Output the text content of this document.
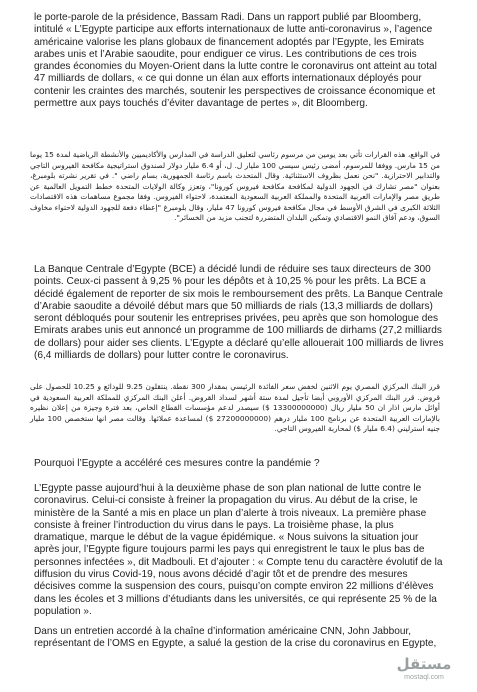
le porte-parole de la présidence, Bassam Radi. Dans un rapport publié par Bloomberg, intitulé « L’Egypte participe aux efforts internationaux de lutte anti-coronavirus », l’agence américaine valorise les plans globaux de financement adoptés par l’Egypte, les Emirats arabes unis et l’Arabie saoudite, pour endiguer ce virus. Les contributions de ces trois grandes économies du Moyen-Orient dans la lutte contre le coronavirus ont atteint au total 47 milliards de dollars, « ce qui donne un élan aux efforts internationaux déployés pour contenir les craintes des marchés, soutenir les perspectives de croissance économique et permettre aux pays touchés d’éviter davantage de pertes », dit Bloomberg.

في الواقع، هذه القرارات تأتي بعد يومين من مرسوم رئاسي لتعليق الدراسة في المدارس والأكاديميين والأنشطة الرياضية لمدة 15 يوما من 15 مارس. ووفقا للمرسوم، أمضى رئيس سيسي 100 مليار ل. ل، أو 6.4 مليار دولار لصندوق استراتيجية مكافحة الفيروس التاجي والتدابير الاحترازية. "نحن نعمل بظروف الاستثنائية. وقال المتحدث باسم رئاسة الجمهورية، بسام راضي ". في تقرير نشرته بلومبرغ، بعنوان "مصر تشارك في الجهود الدولية لمكافحة مكافحة فيروس كورونا"، وتعزز وكالة الولايات المتحدة خطط التمويل العالمية عن طريق مصر والإمارات العربية المتحدة والمملكة العربية السعودية المعتمدة، لاحتواء الفيروس. وفقا مجموع مساهمات هذه الاقتصادات الثلاثة الكبرى في الشرق الأوسط في مجال مكافحة فيروس كورونا 47 مليار، وقال بلومبرغ "إعطاء دفعة للجهود الدولية لاحتواء مخاوف السوق، ودعم آفاق النمو الاقتصادي وتمكين البلدان المتضررة لتجنب مزيد من الخسائر".

La Banque Centrale d’Egypte (BCE) a décidé lundi de réduire ses taux directeurs de 300 points. Ceux-ci passent à 9,25 % pour les dépôts et à 10,25 % pour les prêts. La BCE a décidé également de reporter de six mois le remboursement des prêts. La Banque Centrale d’Arabie saoudite a dévoilé début mars que 50 milliards de rials (13,3 milliards de dollars) seront débloqués pour soutenir les entreprises privées, peu après que son homologue des Emirats arabes unis eut annoncé un programme de 100 milliards de dirhams (27,2 milliards de dollars) pour aider ses clients. L’Egypte a déclaré qu’elle allouerait 100 milliards de livres (6,4 milliards de dollars) pour lutter contre le coronavirus.

قرر البنك المركزي المصري يوم الاثنين لخفض سعر الفائدة الرئيسي بمقدار 300 نقطة. ينتقلون 9.25 للودائع و 10.25 للحصول على قروض. قرر البنك المركزي الأوروبي أيضا تأجيل لمدة ستة أشهر لسداد القروض. أعلن البنك المركزي للمملكة العربية السعودية في أوائل مارس اذار ان 50 مليار ريال (13300000000 $) سيصدر لدعم مؤسسات القطاع الخاص، بعد فترة وجيزة من إعلان نظيره بالإمارات العربية المتحدة عن برنامج 100 مليار درهم (27200000000 $) لمساعدة عملائها. وقالت مصر انها ستخصص 100 مليار جنيه استرليني (6.4 مليار $) لمحاربة الفيروس التاجي.

Pourquoi l’Egypte a accéléré ces mesures contre la pandémie ?

L’Egypte passe aujourd’hui à la deuxième phase de son plan national de lutte contre le coronavirus. Celui-ci consiste à freiner la propagation du virus. Au début de la crise, le ministère de la Santé a mis en place un plan d’alerte à trois niveaux. La première phase consiste à freiner l’introduction du virus dans le pays. La troisième phase, la plus dramatique, marque le début de la vague épidémique. « Nous suivons la situation jour après jour, l’Egypte figure toujours parmi les pays qui enregistrent le taux le plus bas de personnes infectées », dit Madbouli. Et d’ajouter : « Compte tenu du caractère évolutif de la diffusion du virus Covid-19, nous avons décidé d’agir tôt et de prendre des mesures décisives comme la suspension des cours, puisqu’on compte environ 22 millions d’élèves dans les écoles et 3 millions d’étudiants dans les universités, ce qui représente 25 % de la population ».

Dans un entretien accordé à la chaîne d’information américaine CNN, John Jabbour, représentant de l’OMS en Egypte, a salué la gestion de la crise du coronavirus en Egypte,

مستقل
mostaql.com
